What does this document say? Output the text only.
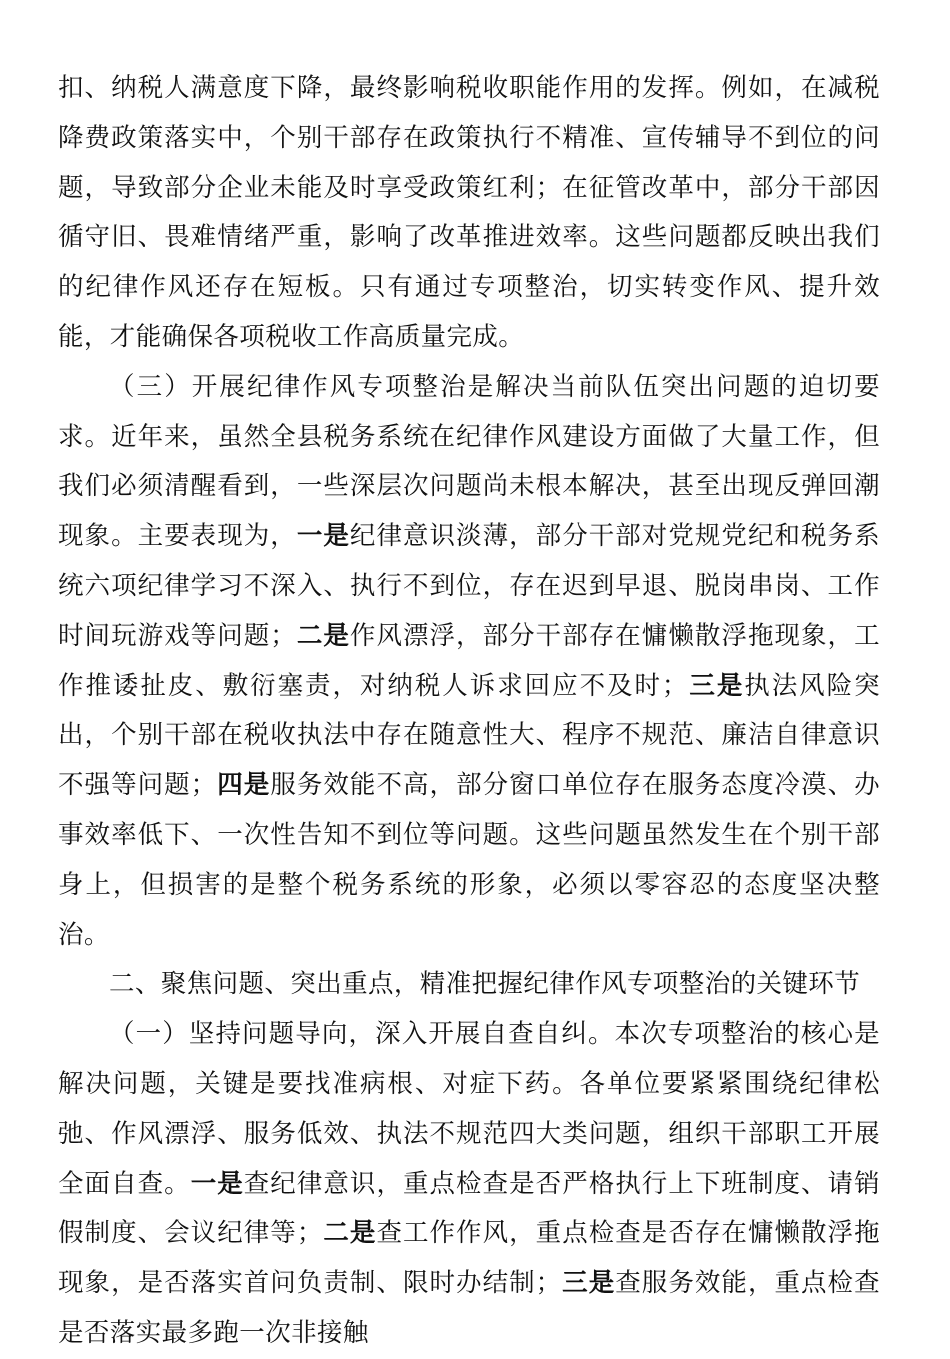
扣、纳税人满意度下降，最终影响税收职能作用的发挥。例如，在减税降费政策落实中，个别干部存在政策执行不精准、宣传辅导不到位的问题，导致部分企业未能及时享受政策红利；在征管改革中，部分干部因循守旧、畏难情绪严重，影响了改革推进效率。这些问题都反映出我们的纪律作风还存在短板。只有通过专项整治，切实转变作风、提升效能，才能确保各项税收工作高质量完成。

（三）开展纪律作风专项整治是解决当前队伍突出问题的迫切要求。近年来，虽然全县税务系统在纪律作风建设方面做了大量工作，但我们必须清醒看到，一些深层次问题尚未根本解决，甚至出现反弹回潮现象。主要表现为，一是纪律意识淡薄，部分干部对党规党纪和税务系统六项纪律学习不深入、执行不到位，存在迟到早退、脱岗串岗、工作时间玩游戏等问题；二是作风漂浮，部分干部存在慵懒散浮拖现象，工作推诿扯皮、敷衍塞责，对纳税人诉求回应不及时；三是执法风险突出，个别干部在税收执法中存在随意性大、程序不规范、廉洁自律意识不强等问题；四是服务效能不高，部分窗口单位存在服务态度冷漠、办事效率低下、一次性告知不到位等问题。这些问题虽然发生在个别干部身上，但损害的是整个税务系统的形象，必须以零容忍的态度坚决整治。

二、聚焦问题、突出重点，精准把握纪律作风专项整治的关键环节

（一）坚持问题导向，深入开展自查自纠。本次专项整治的核心是解决问题，关键是要找准病根、对症下药。各单位要紧紧围绕纪律松弛、作风漂浮、服务低效、执法不规范四大类问题，组织干部职工开展全面自查。一是查纪律意识，重点检查是否严格执行上下班制度、请销假制度、会议纪律等；二是查工作作风，重点检查是否存在慵懒散浮拖现象，是否落实首问负责制、限时办结制；三是查服务效能，重点检查是否落实最多跑一次非接触
